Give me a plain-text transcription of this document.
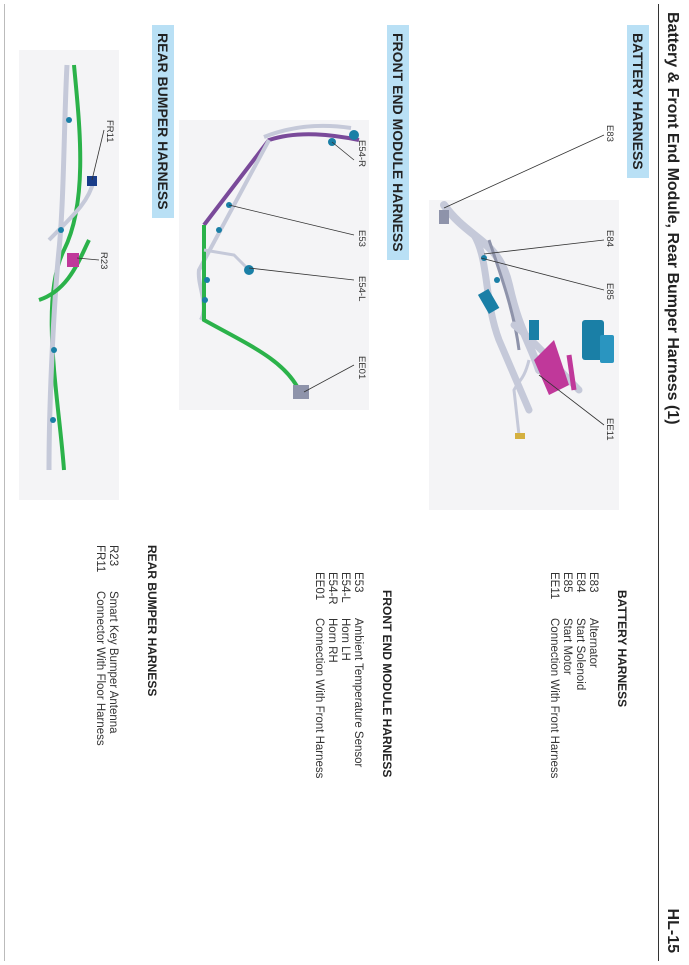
Battery & Front End Module, Rear Bumper Harness (1)
HL-15
BATTERY HARNESS
FRONT END MODULE HARNESS
REAR BUMPER HARNESS	E83
E84
E85
EE11
E54-R
E53
E54-L
EE01
FR11
R23
BATTERY HARNESS
E83Alternator
E84Start Solenoid
E85Start Motor
EE11Connection With Front Harness
FRONT END MODULE HARNESS
E53Ambient Temperature Sensor
E54-LHorn LH
E54-RHorn RH
EE01Connection With Front Harness
REAR BUMPER HARNESS
R23Smart Key Bumper Antenna
FR11Connector With Floor Harness
